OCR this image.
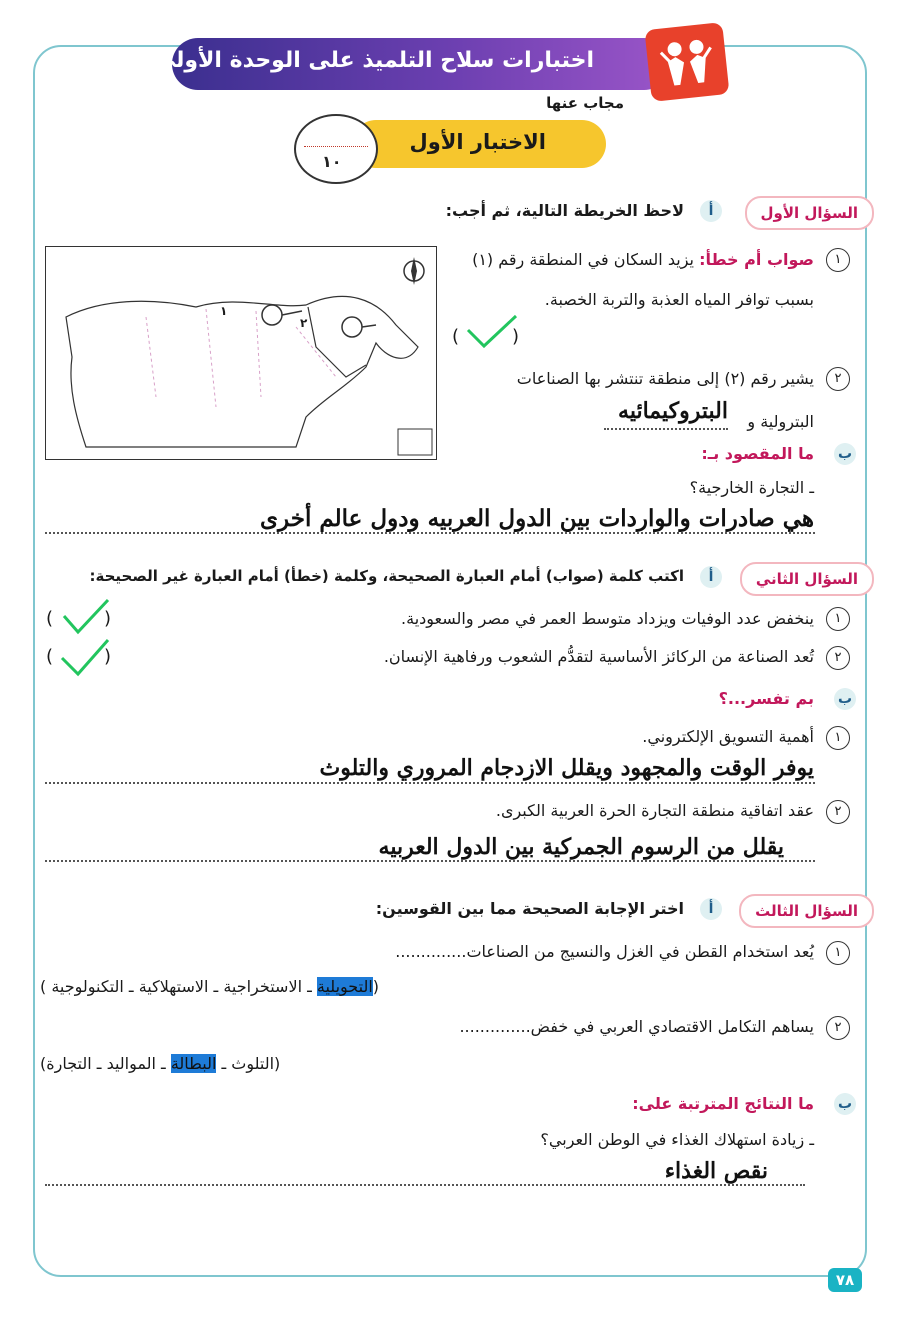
اختبارات سلاح التلميذ على الوحدة الأولى
مجاب عنها
الاختبار الأول
١٠
السؤال الأول
أ
لاحظ الخريطة التالية، ثم أجب:
١
٢
١
صواب أم خطأ: يزيد السكان في المنطقة رقم (١)
بسبب توافر المياه العذبة والتربة الخصبة.
)	(
٢
يشير رقم (٢) إلى منطقة تنتشر بها الصناعات
البترولية و
البتروكيمائيه
ب
ما المقصود بـ:
ـ التجارة الخارجية؟
هي صادرات والواردات بين الدول العربيه ودول عالم أخرى
السؤال الثاني
أ
اكتب كلمة (صواب) أمام العبارة الصحيحة، وكلمة (خطأ) أمام العبارة غير الصحيحة:
١
ينخفض عدد الوفيات ويزداد متوسط العمر في مصر والسعودية.
)	(
٢
تُعد الصناعة من الركائز الأساسية لتقدُّم الشعوب ورفاهية الإنسان.
)	(
ب
بم تفسر...؟
١
أهمية التسويق الإلكتروني.
يوفر الوقت والمجهود ويقلل الازدجام المروري والتلوث
٢
عقد اتفاقية منطقة التجارة الحرة العربية الكبرى.
يقلل من الرسوم الجمركية بين الدول العربيه
السؤال الثالث
أ
اختر الإجابة الصحيحة مما بين القوسين:
١
يُعد استخدام القطن في الغزل والنسيج من الصناعات..............
(التحويلية ـ الاستخراجية ـ الاستهلاكية ـ التكنولوجية )
٢
يساهم التكامل الاقتصادي العربي في خفض..............
(التلوث ـ البطالة ـ المواليد ـ التجارة)
ب
ما النتائج المترتبة على:
ـ زيادة استهلاك الغذاء في الوطن العربي؟
نقص الغذاء
٧٨
